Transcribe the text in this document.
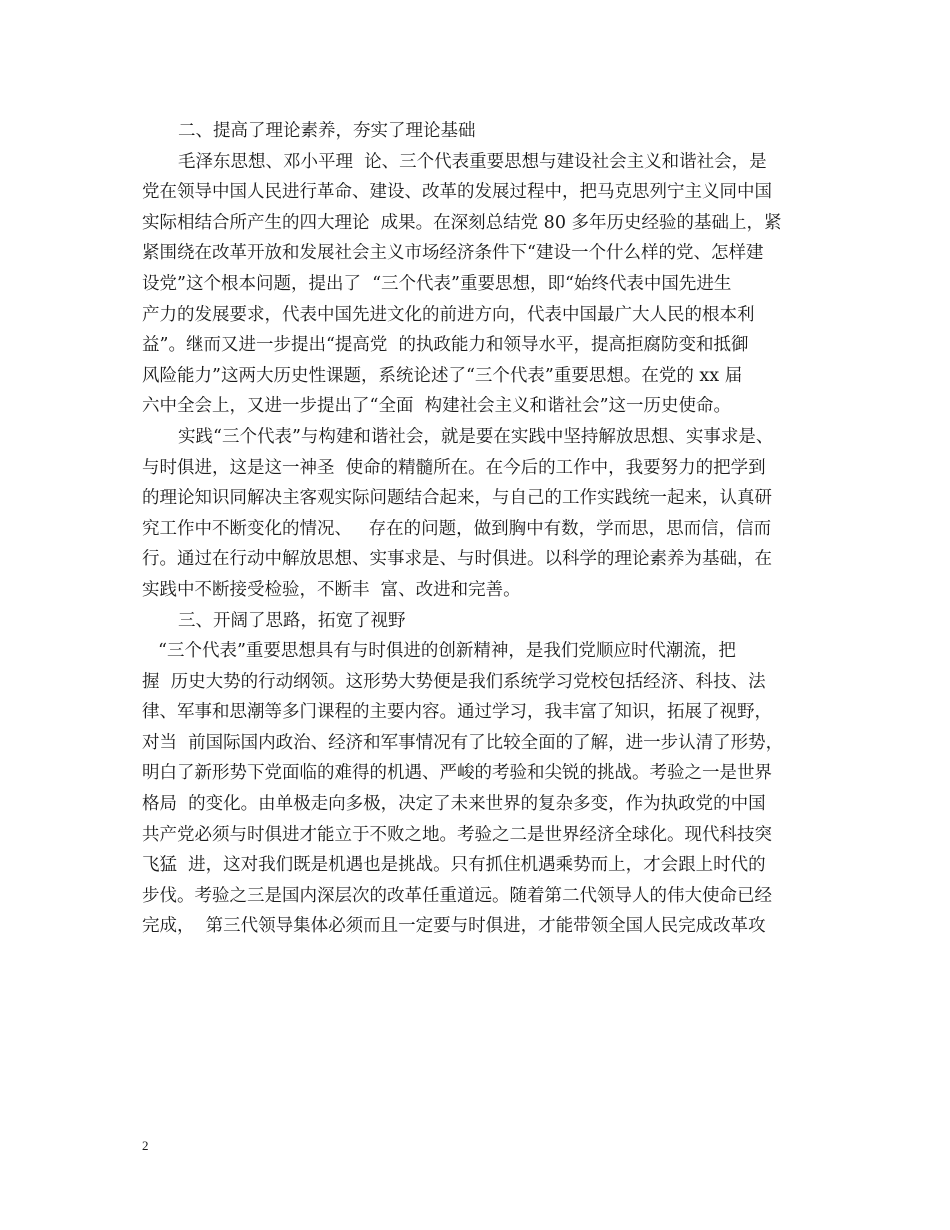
二、提高了理论素养，夯实了理论基础
毛泽东思想、邓小平理  论、三个代表重要思想与建设社会主义和谐社会，是
党在领导中国人民进行革命、建设、改革的发展过程中，把马克思列宁主义同中国
实际相结合所产生的四大理论  成果。在深刻总结党 80 多年历史经验的基础上，紧
紧围绕在改革开放和发展社会主义市场经济条件下“建设一个什么样的党、怎样建
设党”这个根本问题，提出了  “三个代表”重要思想，即“始终代表中国先进生
产力的发展要求，代表中国先进文化的前进方向，代表中国最广大人民的根本利
益”。继而又进一步提出“提高党  的执政能力和领导水平，提高拒腐防变和抵御
风险能力”这两大历史性课题，系统论述了“三个代表”重要思想。在党的 xx 届
六中全会上，又进一步提出了“全面  构建社会主义和谐社会”这一历史使命。
实践“三个代表”与构建和谐社会，就是要在实践中坚持解放思想、实事求是、
与时俱进，这是这一神圣  使命的精髓所在。在今后的工作中，我要努力的把学到
的理论知识同解决主客观实际问题结合起来，与自己的工作实践统一起来，认真研
究工作中不断变化的情况、   存在的问题，做到胸中有数，学而思，思而信，信而
行。通过在行动中解放思想、实事求是、与时俱进。以科学的理论素养为基础，在
实践中不断接受检验，不断丰  富、改进和完善。
三、开阔了思路，拓宽了视野
“三个代表”重要思想具有与时俱进的创新精神，是我们党顺应时代潮流，把
握  历史大势的行动纲领。这形势大势便是我们系统学习党校包括经济、科技、法
律、军事和思潮等多门课程的主要内容。通过学习，我丰富了知识，拓展了视野，
对当  前国际国内政治、经济和军事情况有了比较全面的了解，进一步认清了形势，
明白了新形势下党面临的难得的机遇、严峻的考验和尖锐的挑战。考验之一是世界
格局  的变化。由单极走向多极，决定了未来世界的复杂多变，作为执政党的中国
共产党必须与时俱进才能立于不败之地。考验之二是世界经济全球化。现代科技突
飞猛  进，这对我们既是机遇也是挑战。只有抓住机遇乘势而上，才会跟上时代的
步伐。考验之三是国内深层次的改革任重道远。随着第二代领导人的伟大使命已经
完成，  第三代领导集体必须而且一定要与时俱进，才能带领全国人民完成改革攻
2
